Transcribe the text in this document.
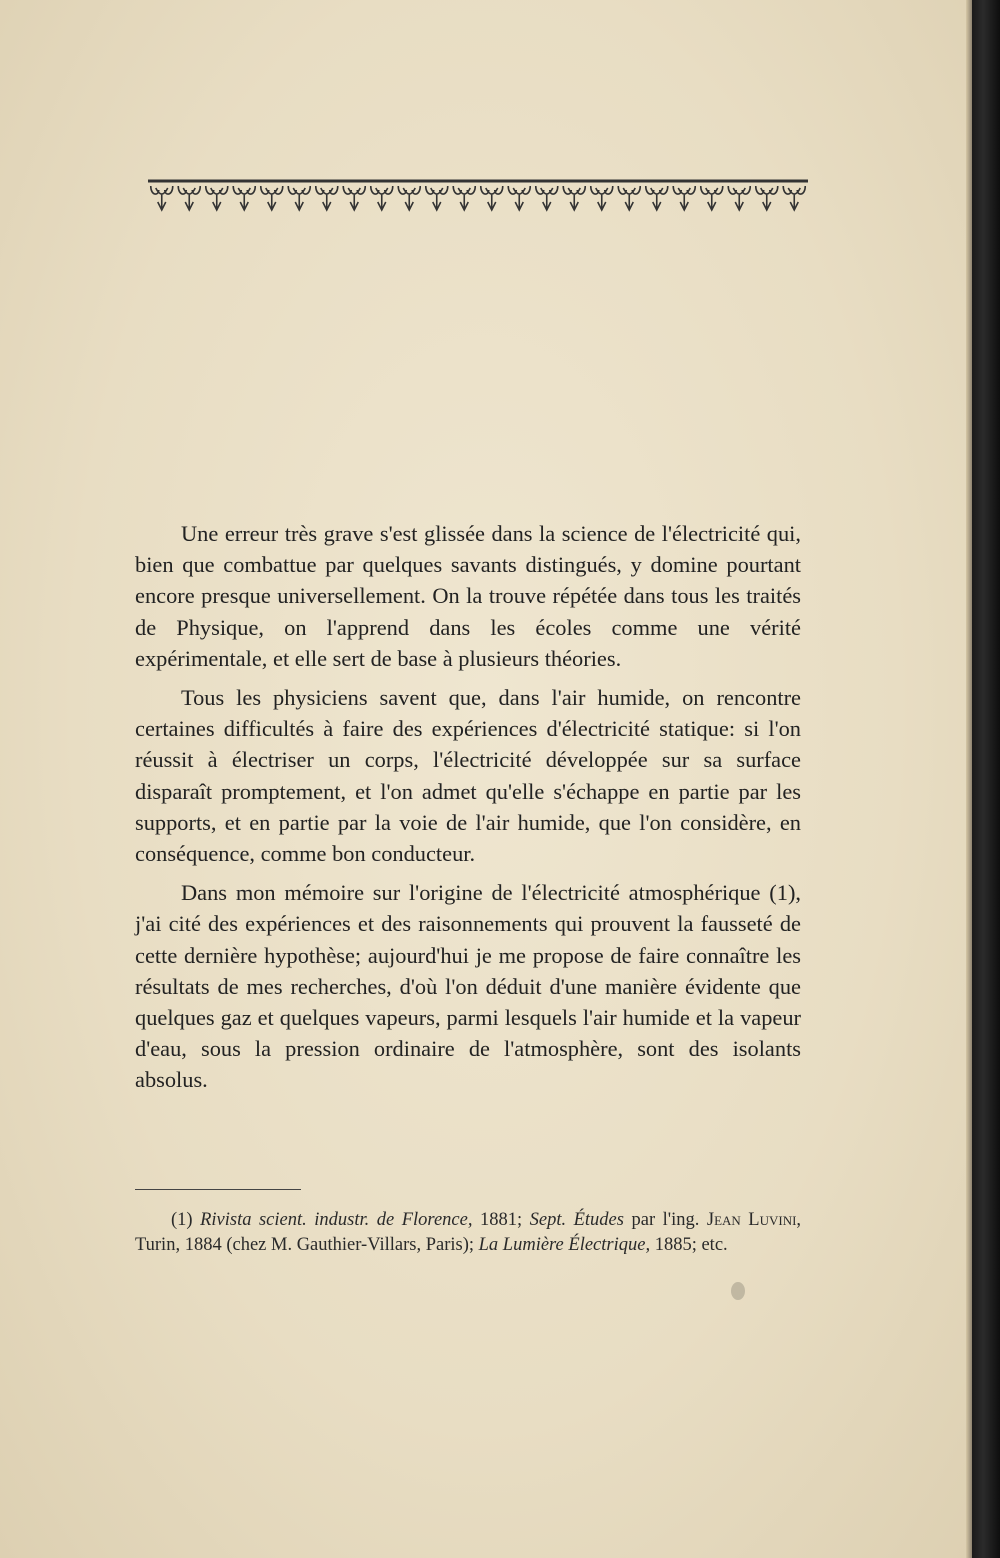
Une erreur très grave s'est glissée dans la science de l'électricité qui, bien que combattue par quelques savants distingués, y domine pourtant encore presque universellement. On la trouve répétée dans tous les traités de Physique, on l'apprend dans les écoles comme une vérité expérimentale, et elle sert de base à plusieurs théories.

Tous les physiciens savent que, dans l'air humide, on rencontre certaines difficultés à faire des expériences d'électricité statique: si l'on réussit à électriser un corps, l'électricité développée sur sa surface disparaît promptement, et l'on admet qu'elle s'échappe en partie par les supports, et en partie par la voie de l'air humide, que l'on considère, en conséquence, comme bon conducteur.

Dans mon mémoire sur l'origine de l'électricité atmosphérique (1), j'ai cité des expériences et des raisonnements qui prouvent la fausseté de cette dernière hypothèse; aujourd'hui je me propose de faire connaître les résultats de mes recherches, d'où l'on déduit d'une manière évidente que quelques gaz et quelques vapeurs, parmi lesquels l'air humide et la vapeur d'eau, sous la pression ordinaire de l'atmosphère, sont des isolants absolus.

(1) Rivista scient. industr. de Florence, 1881; Sept. Études par l'ing. Jean Luvini, Turin, 1884 (chez M. Gauthier-Villars, Paris); La Lumière Électrique, 1885; etc.
